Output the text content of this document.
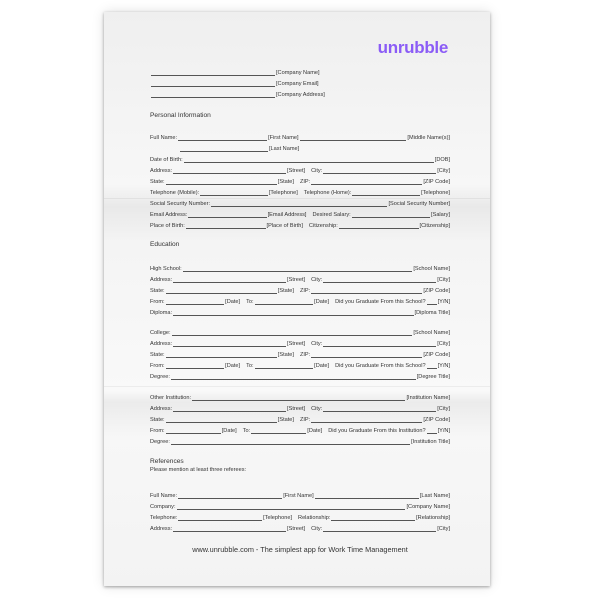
unrubble
[Company Name]
[Company Email]
[Company Address]
Personal Information
Full Name:	[First Name]	[Middle Name(s)]
[Last Name]
Date of Birth:	[DOB]
Address:	[Street] City:	[City]
State:	[State] ZIP:	[ZIP Code]
Telephone (Mobile):	[Telephone] Telephone (Home):	[Telephone]
Social Security Number:	[Social Security Number]
Email Address:	[Email Address] Desired Salary:	[Salary]
Place of Birth:	[Place of Birth] Citizenship:	[Citizenship]
Education
High School:	[School Name]
Address:	[Street] City:	[City]
State:	[State] ZIP:	[ZIP Code]
From:	[Date] To:	[Date] Did you Graduate From this School? [Y/N]
Diploma:	[Diploma Title]
College:	[School Name]
Address:	[Street] City:	[City]
State:	[State] ZIP:	[ZIP Code]
From:	[Date] To:	[Date] Did you Graduate From this School? [Y/N]
Degree:	[Degree Title]
Other Institution:	[Institution Name]
Address:	[Street] City:	[City]
State:	[State] ZIP:	[ZIP Code]
From:	[Date] To:	[Date] Did you Graduate From this Institution? [Y/N]
Degree:	[Institution Title]
References
Please mention at least three referees:
Full Name:	[First Name]	[Last Name]
Company:	[Company Name]
Telephone:	[Telephone] Relationship:	[Relationship]
Address:	[Street] City:	[City]
www.unrubble.com - The simplest app for Work Time Management
